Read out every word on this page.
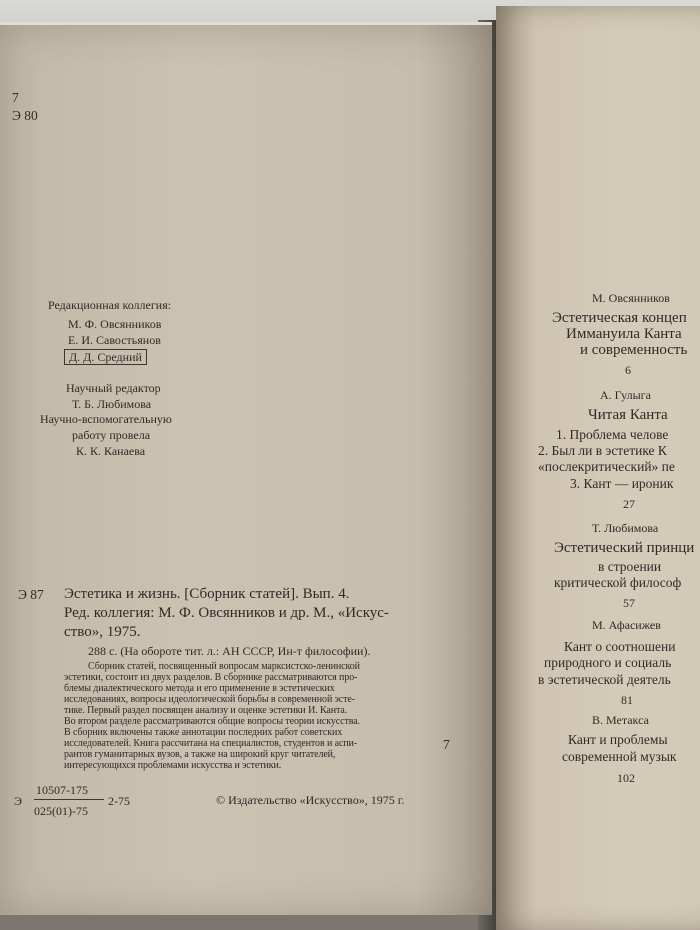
7
Э 80
Редакционная коллегия:
М. Ф. Овсянников
Е. И. Савостьянов
Д. Д. Средний
Научный редактор
Т. Б. Любимова
Научно-вспомогательную
работу провела
К. К. Канаева
Э 87 Эстетика и жизнь. [Сборник статей]. Вып. 4.
Ред. коллегия: М. Ф. Овсянников и др. М., «Искус-
ство», 1975.
288 с. (На обороте тит. л.: АН СССР, Ин-т философии).
Сборник статей, посвященный вопросам марксистско-ленинской
эстетики, состоит из двух разделов. В сборнике рассматриваются про-
блемы диалектического метода и его применение в эстетических
исследованиях, вопросы идеологической борьбы в современной эсте-
тике. Первый раздел посвящен анализу и оценке эстетики И. Канта.
Во втором разделе рассматриваются общие вопросы теории искусства.
В сборник включены также аннотации последних работ советских
исследователей. Книга рассчитана на специалистов, студентов и аспи-
рантов гуманитарных вузов, а также на широкий круг читателей,
интересующихся проблемами искусства и эстетики.
7
Э
10507-175
025(01)-75
2-75	© Издательство «Искусство», 1975 г.
М. Овсянников
Эстетическая концеп
Иммануила Канта
и современность
6
А. Гулыга
Читая Канта
1. Проблема челове
2. Был ли в эстетике К
«послекритический» пе
3. Кант — ироник
27
Т. Любимова
Эстетический принци
в строении
критической философ
57
М. Афасижев
Кант о соотношени
природного и социаль
в эстетической деятель
81
В. Метакса
Кант и проблемы
современной музык
102
